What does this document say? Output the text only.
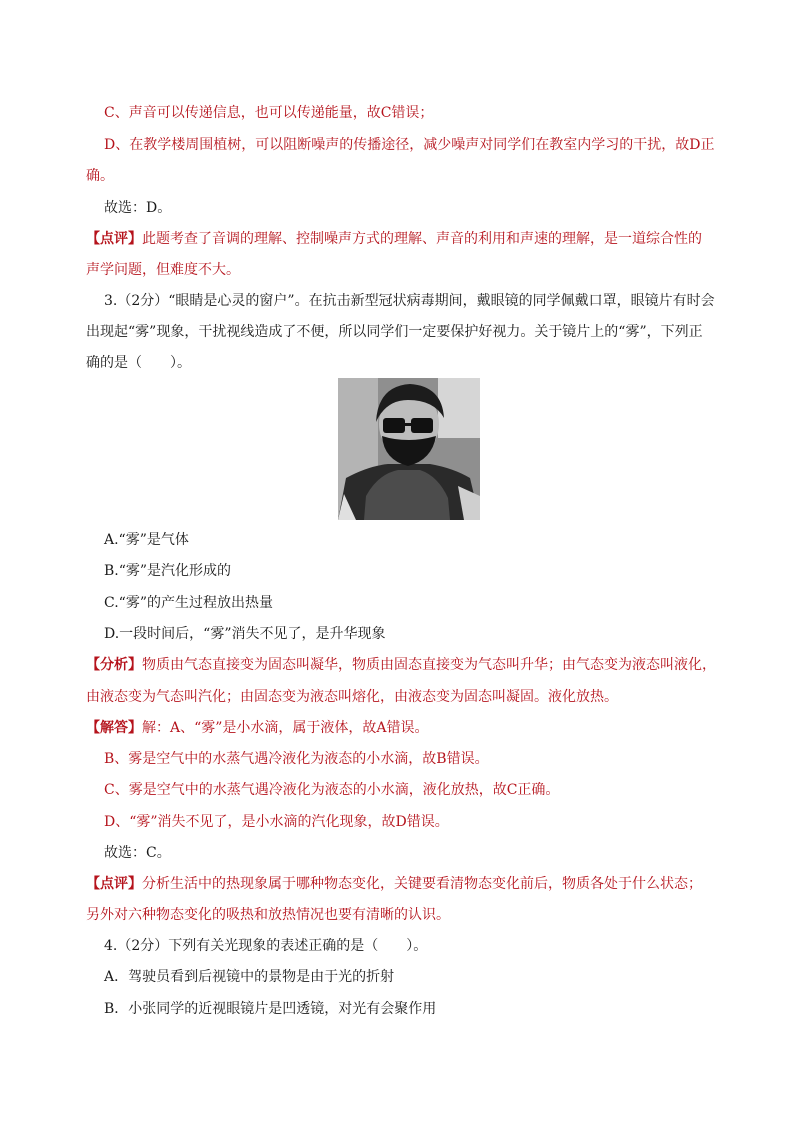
C、声音可以传递信息，也可以传递能量，故C错误；
D、在教学楼周围植树，可以阻断噪声的传播途径，减少噪声对同学们在教室内学习的干扰，故D正
确。
故选：D。
【点评】此题考查了音调的理解、控制噪声方式的理解、声音的利用和声速的理解，是一道综合性的
声学问题，但难度不大。
3.（2分）“眼睛是心灵的窗户”。在抗击新型冠状病毒期间，戴眼镜的同学佩戴口罩，眼镜片有时会
出现起“雾”现象，干扰视线造成了不便，所以同学们一定要保护好视力。关于镜片上的“雾”，下列正
确的是（　　）。
A.“雾”是气体
B.“雾”是汽化形成的
C.“雾”的产生过程放出热量
D.一段时间后，“雾”消失不见了，是升华现象
【分析】物质由气态直接变为固态叫凝华，物质由固态直接变为气态叫升华；由气态变为液态叫液化，
由液态变为气态叫汽化；由固态变为液态叫熔化，由液态变为固态叫凝固。液化放热。
【解答】解：A、“雾”是小水滴，属于液体，故A错误。
B、雾是空气中的水蒸气遇冷液化为液态的小水滴，故B错误。
C、雾是空气中的水蒸气遇冷液化为液态的小水滴，液化放热，故C正确。
D、“雾”消失不见了，是小水滴的汽化现象，故D错误。
故选：C。
【点评】分析生活中的热现象属于哪种物态变化，关键要看清物态变化前后，物质各处于什么状态；
另外对六种物态变化的吸热和放热情况也要有清晰的认识。
4.（2分）下列有关光现象的表述正确的是（　　）。
A．驾驶员看到后视镜中的景物是由于光的折射
B．小张同学的近视眼镜片是凹透镜，对光有会聚作用
